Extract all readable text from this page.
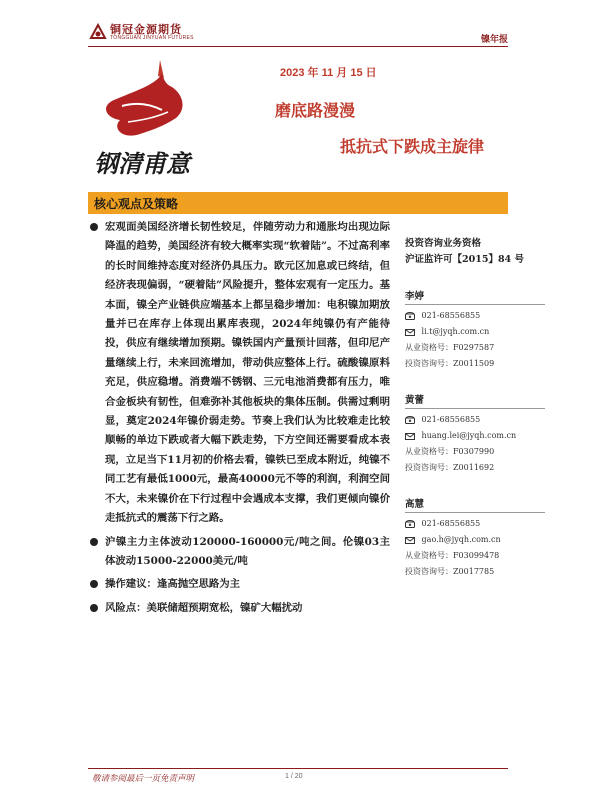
铜冠金源期货
TONGGUAN JINYUAN FUTURES	镍年报
钢清甫意
2023 年 11 月 15 日
磨底路漫漫
抵抗式下跌成主旋律
核心观点及策略
宏观面美国经济增长韧性较足，伴随劳动力和通胀均出现边际降温的趋势，美国经济有较大概率实现“软着陆”。不过高利率的长时间维持态度对经济仍具压力。欧元区加息或已终结，但经济表现偏弱，“硬着陆”风险提升，整体宏观有一定压力。基本面，镍全产业链供应端基本上都呈稳步增加：电积镍加期放量并已在库存上体现出累库表现，2024年纯镍仍有产能待投，供应有继续增加预期。镍铁国内产量预计回落，但印尼产量继续上行，未来回流增加，带动供应整体上行。硫酸镍原料充足，供应稳增。消费端不锈钢、三元电池消费都有压力，唯合金板块有韧性，但难弥补其他板块的集体压制。供需过剩明显，奠定2024年镍价弱走势。节奏上我们认为比较难走比较顺畅的单边下跌或者大幅下跌走势，下方空间还需要看成本表现，立足当下11月初的价格去看，镍铁已至成本附近，纯镍不同工艺有最低1000元，最高40000元不等的利润，利润空间不大，未来镍价在下行过程中会遇成本支撑，我们更倾向镍价走抵抗式的震荡下行之路。
沪镍主力主体波动120000-160000元/吨之间。伦镍03主体波动15000-22000美元/吨
操作建议：逢高抛空思路为主
风险点：美联储超预期宽松，镍矿大幅扰动
投资咨询业务资格
沪证监许可【2015】84 号
李婷
021-68556855
li.t@jyqh.com.cn
从业资格号：F0297587
投资咨询号：Z0011509
黄蕾
021-68556855
huang.lei@jyqh.com.cn
从业资格号：F0307990
投资咨询号：Z0011692
高慧
021-68556855
gao.h@jyqh.com.cn
从业资格号：F03099478
投资咨询号：Z0017785
敬请参阅最后一页免责声明	1 / 20
